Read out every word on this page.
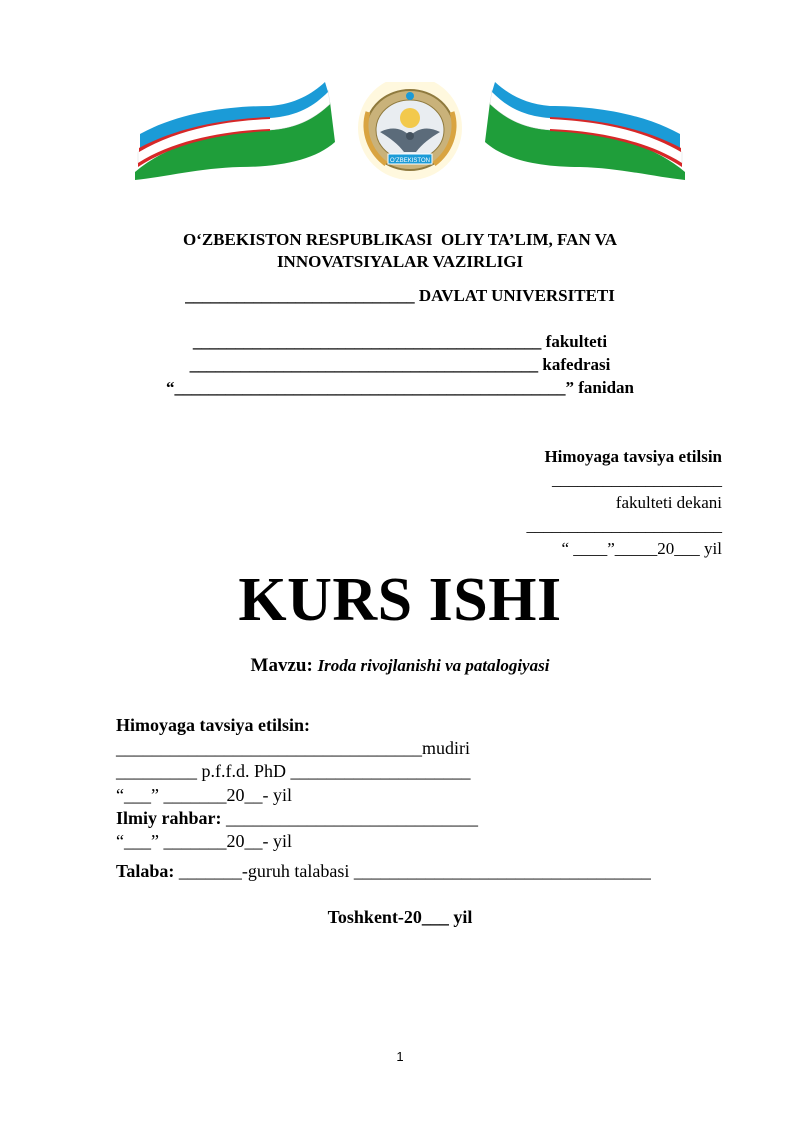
O‘ZBEKISTON
O‘ZBEKISTON RESPUBLIKASI  OLIY TA’LIM, FAN VA
INNOVATSIYALAR VAZIRLIGI
___________________________ DAVLAT UNIVERSITETI
_________________________________________ fakulteti
_________________________________________ kafedrasi
“______________________________________________” fanidan
Himoyaga tavsiya etilsin
____________________
fakulteti dekani
_______________________
“ ____”_____20___ yil
KURS ISHI
Mavzu: Iroda rivojlanishi va patalogiyasi
Himoyaga tavsiya etilsin:
__________________________________mudiri
_________ p.f.f.d. PhD ____________________
“___” _______20__- yil
Ilmiy rahbar: ____________________________
“___” _______20__- yil
Talaba: _______-guruh talabasi _________________________________
Toshkent-20___ yil
1
